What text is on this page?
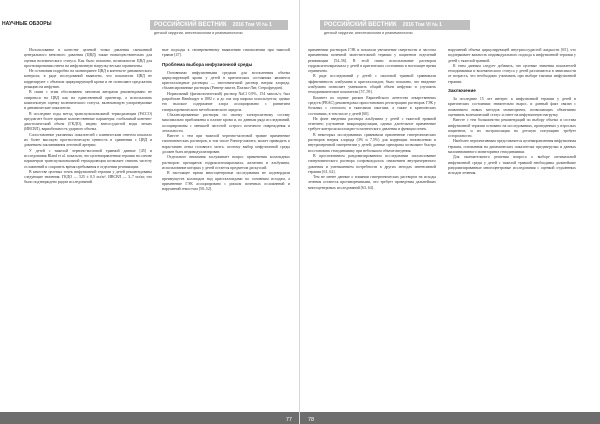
НАУЧНЫЕ ОБЗОРЫ	РОССИЙСКИЙ ВЕСТНИК 2016 Том VI № 1
детской хирургии, анестезиологии и реаниматологии

Использование в качестве целевой точки давления смешанной центрального венозного давления (ЦВД) также низкочувствительно для оценки волемического статуса. Как было показано, возможности ЦВД для прогнозирования ответа на инфузионную нагрузку весьма ограничены.

Не остановим подробно на мониторинге ЦВД в контексте динамического контроля; в ряде исследований выявлено, что показатели ЦВД не коррелируют с объемом циркулирующей крови и не позволяют предсказать реакцию на инфузию.

В связи с этим обоснованно многими авторами рекомендовано не опираться на ЦВД как на единственный ориентир, а использовать комплексную оценку волемического статуса, включающую ультразвуковые и динамические показатели.

В последние годы метод транспульмональной термодилюции (PiCCO) предлагает более прямые количественные параметры: глобальный конечно-диастолический объем (ГКДО), индекс внесосудистой воды легких (ИВСВЛ), вариабельность ударного объема.

Сопоставление указанных показателей с клиническим ответом показало их более высокую прогностическую ценность в сравнении с ЦВД и давлением заклинивания легочной артерии.

У детей с тяжелой черепно-мозговой травмой данные [45] и исследования Bland et al. показали, что целенаправленная терапия на основе параметров транспульмональной термодилюции позволяет снизить частоту осложнений и сократить время пребывания в отделении реанимации.

В качестве целевых точек инфузионной терапии у детей рекомендованы следующие значения: ГКДО — 525 ± 0,5 мл/м², ИВСВЛ — 3–7 мл/кг, что было подтверждено рядом исследований.

ные подходы к своевременному выявлению гиповолемии при тяжелой травме [47].

Проблема выбора инфузионной среды

Основными инфузионными средами для восполнения объема циркулирующей крови у детей в критических состояниях являются кристаллоидные растворы — изотонический раствор натрия хлорида, сбалансированные растворы (Рингер-лактат, Плазма-Лит, Стерофундин).

Нормальный (физиологический) раствор NaCl 0,9%, 154 ммоль/л, был разработан Hamburger в 1882 г. и до сих пор широко используется; однако его высокое содержание хлора ассоциировано с развитием гиперхлоремического метаболического ацидоза.

Сбалансированные растворы по своему электролитному составу максимально приближены к плазме крови и, по данным ряда исследований, ассоциированы с меньшей частотой острого почечного повреждения и летальности.

Вместе с тем при тяжелой черепно-мозговой травме применение гипотонических растворов, в том числе Рингер-лактата, может приводить к нарастанию отека головного мозга, поэтому выбор инфузионной среды должен быть индивидуализирован.

Отдельного внимания заслуживает вопрос применения коллоидных растворов: препаратов гидроксиэтилкрахмала, желатина и альбумина, использование которых у детей остается предметом дискуссий.

В настоящее время многоцентровые исследования не подтвердили преимуществ коллоидов над кристаллоидами по основным исходам, а применение ГЭК ассоциировано с риском почечных осложнений и нарушений гемостаза [50–52].

77
РОССИЙСКИЙ ВЕСТНИК 2016 Том VI № 1
детской хирургии, анестезиологии и реаниматологии

применении растворов ГЭК и показали увеличение смертности и частоты применения почечной заместительной терапии у пациентов отделений реанимации [54–56]. В этой связи использование растворов гидроксиэтилкрахмала у детей в критических состояниях в настоящее время ограничено.

В ряде исследований у детей с ожоговой травмой сравнивали эффективность альбумина и кристаллоидов; было показано, что введение альбумина позволяет уменьшить общий объем инфузии и улучшить гемодинамические показатели [57–59].

Комитет по оценке рисков Европейского агентства лекарственных средств (PRAC) рекомендовал приостановить регистрацию растворов ГЭК у больных с сепсисом и тяжелыми ожогами, а также в критических состояниях, в том числе у детей [60].

На фоне введения раствора альбумина у детей с тяжелой травмой отмечено улучшение микроциркуляции, однако длительное применение требует контроля коллоидно-осмотического давления и функции почек.

В некоторых исследованиях сравнивали применение гипертонических растворов натрия хлорида (3% и 7,5%) для коррекции гиповолемии и внутричерепной гипертензии у детей; данные препараты позволяют быстро восстановить гемодинамику при небольшом объеме введения.

В проспективном рандомизированном исследовании использование гипертонического раствора сопровождалось снижением внутричерепного давления и уменьшением потребности в других методах интенсивной терапии [61, 62].

Тем не менее данные о влиянии гипертонических растворов на исходы лечения остаются противоречивыми, что требует проведения дальнейших многоцентровых исследований [63, 64].

нарушений объема циркулирующей внутрисосудистой жидкости [65], что подчеркивает важность индивидуального подхода к инфузионной терапии у детей с тяжелой травмой.

К этим данным следует добавить, что целевые значения показателей гемодинамики и волемического статуса у детей различаются в зависимости от возраста, что необходимо учитывать при выборе тактики инфузионной терапии.

Заключение

За последние 15 лет интерес к инфузионной терапии у детей в критических состояниях значительно вырос, и данный факт связан с появлением новых методов мониторинга, позволяющих объективно оценивать волемический статус и ответ на инфузионную нагрузку.

Вместе с тем большинство рекомендаций по выбору объема и состава инфузионной терапии основано на исследованиях, проведенных у взрослых пациентов, и их экстраполяция на детскую популяцию требует осторожности.

Наиболее перспективным представляется целенаправленная инфузионная терапия, основанная на динамических показателях преднагрузки и данных малоинвазивного мониторинга гемодинамики.

Для окончательного решения вопроса о выборе оптимальной инфузионной среды у детей с тяжелой травмой необходимы дальнейшие рандомизированные многоцентровые исследования с оценкой отдаленных исходов лечения.

78
